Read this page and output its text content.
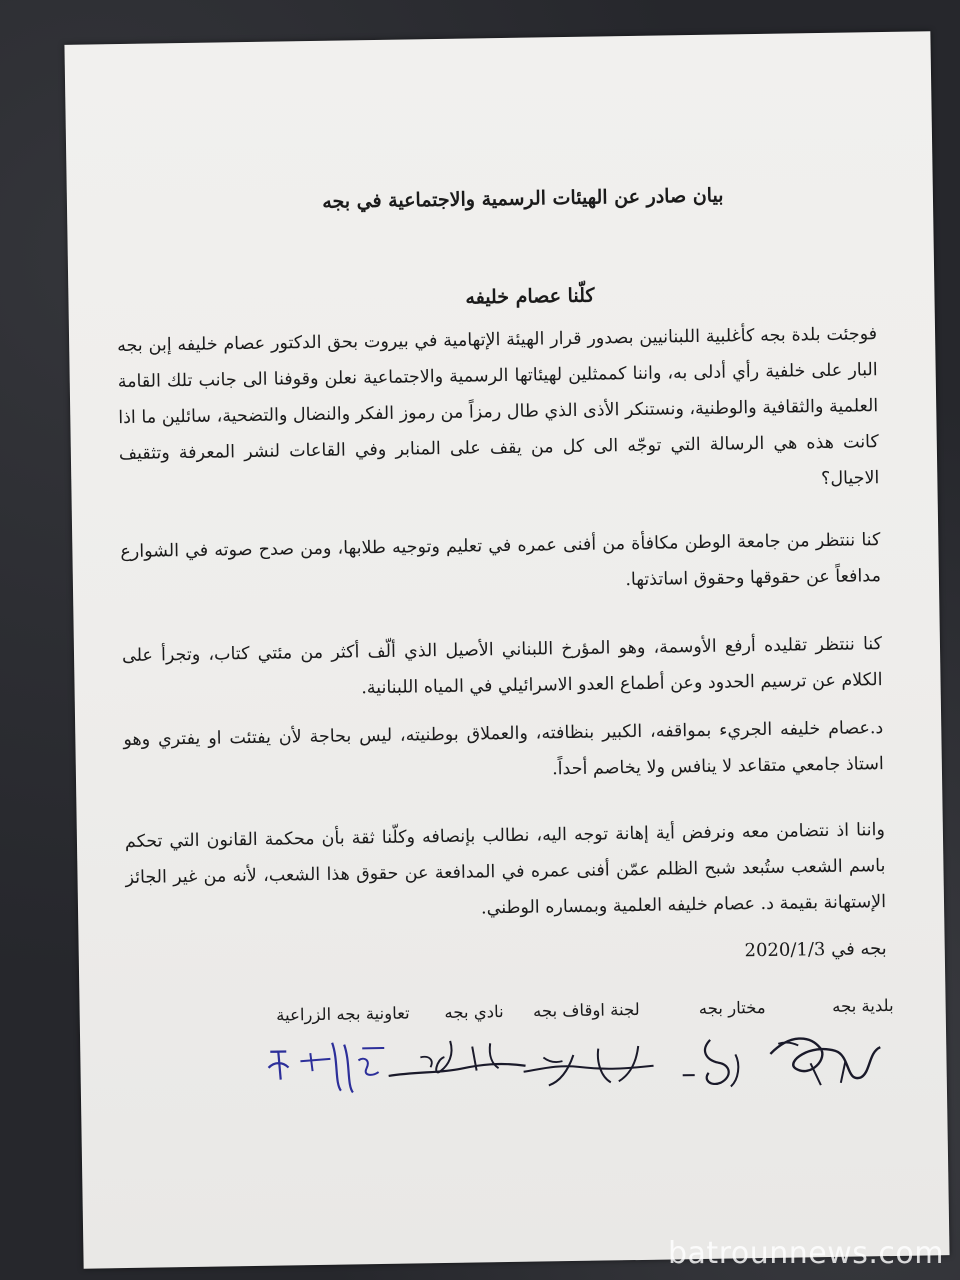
بيان صادر عن الهيئات الرسمية والاجتماعية في بجه
كلّنا عصام خليفه
فوجئت بلدة بجه كأغلبية اللبنانيين بصدور قرار الهيئة الإتهامية في بيروت بحق الدكتور عصام خليفه إبن بجه البار على خلفية رأي أدلى به، واننا كممثلين لهيئاتها الرسمية والاجتماعية نعلن وقوفنا الى جانب تلك القامة العلمية والثقافية والوطنية، ونستنكر الأذى الذي طال رمزاً من رموز الفكر والنضال والتضحية، سائلين ما اذا كانت هذه هي الرسالة التي توجّه الى كل من يقف على المنابر وفي القاعات لنشر المعرفة وتثقيف الاجيال؟
كنا ننتظر من جامعة الوطن مكافأة من أفنى عمره في تعليم وتوجيه طلابها، ومن صدح صوته في الشوارع مدافعاً عن حقوقها وحقوق اساتذتها.
كنا ننتظر تقليده أرفع الأوسمة، وهو المؤرخ اللبناني الأصيل الذي ألّف أكثر من مئتي كتاب، وتجرأ على الكلام عن ترسيم الحدود وعن أطماع العدو الاسرائيلي في المياه اللبنانية.
د.عصام خليفه الجريء بمواقفه، الكبير بنظافته، والعملاق بوطنيته، ليس بحاجة لأن يفتئت او يفتري وهو استاذ جامعي متقاعد لا ينافس ولا يخاصم أحداً.
واننا اذ نتضامن معه ونرفض أية إهانة توجه اليه، نطالب بإنصافه وكلّنا ثقة بأن محكمة القانون التي تحكم باسم الشعب ستُبعد شبح الظلم عمّن أفنى عمره في المدافعة عن حقوق هذا الشعب، لأنه من غير الجائز الإستهانة بقيمة د. عصام خليفه العلمية وبمساره الوطني.
بجه في 2020/1/3
بلدية بجه
مختار بجه
لجنة اوقاف بجه
نادي بجه
تعاونية بجه الزراعية
batrounnews.com
